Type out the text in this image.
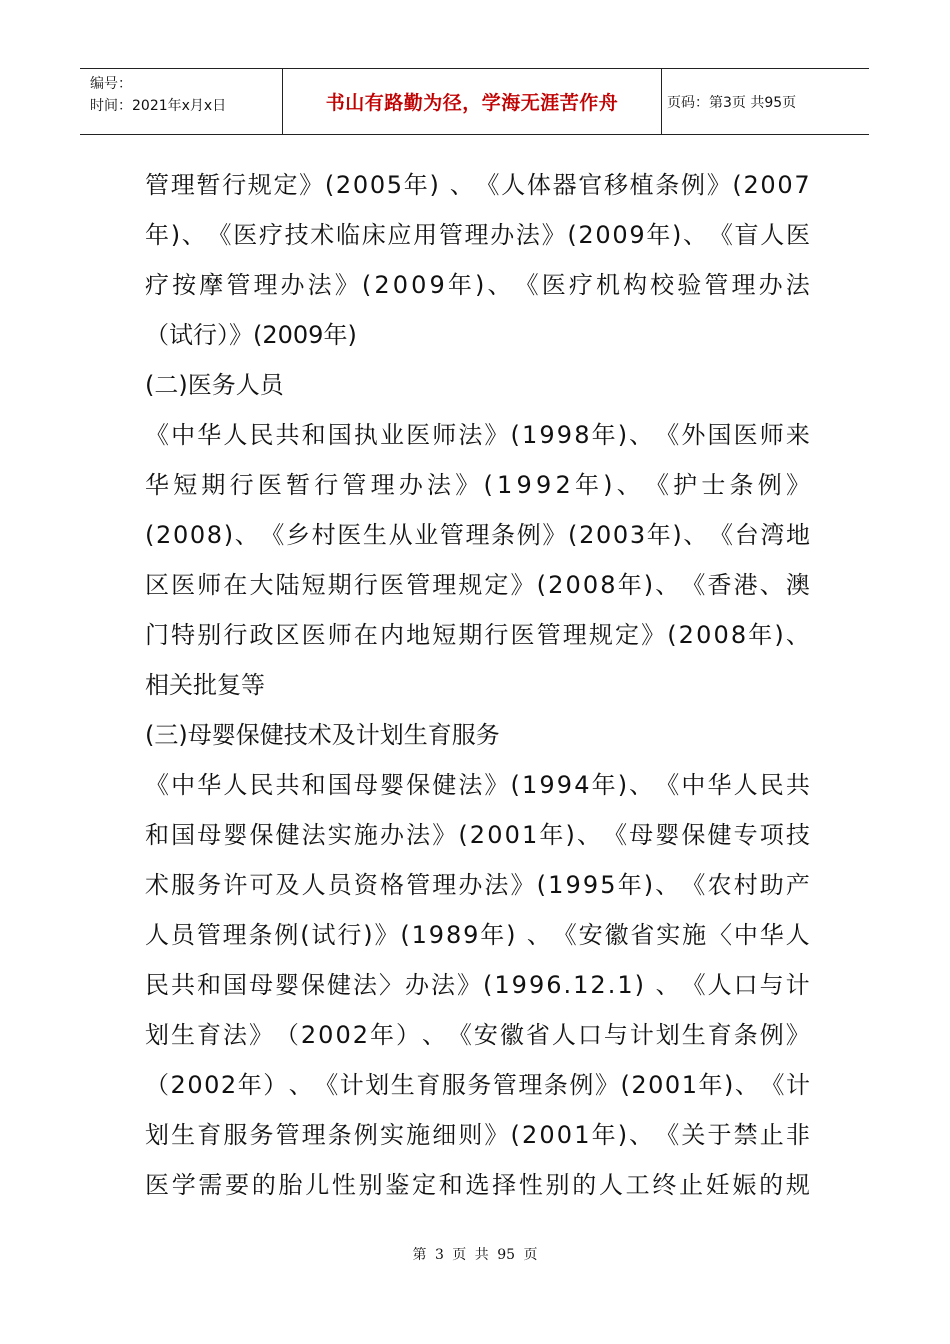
编号：
时间：2021年x月x日	书山有路勤为径，学海无涯苦作舟	页码：第3页 共95页
管 理 暂 行 规 定 》 ( 2 0 0 5 年 )
、 《 人 体 器 官 移 植 条 例 》 ( 2 0 0 7
年 ) 、 《 医 疗 技 术 临 床 应 用 管 理 办 法 》 ( 2 0 0 9 年 ) 、 《 盲 人 医
疗 按 摩 管 理 办 法 》 ( 2 0 0 9 年 ) 、 《 医 疗 机 构 校 验 管 理 办 法
（试行）》(2009年)
(二)医务人员
《 中 华 人 民 共 和 国 执 业 医 师 法 》 ( 1 9 9 8 年 ) 、 《 外 国 医 师 来
华 短 期 行 医 暂 行 管 理 办 法 》 ( 1 9 9 2 年 ) 、 《 护 士 条 例 》
( 2 0 0 8 ) 、 《 乡 村 医 生 从 业 管 理 条 例 》 ( 2 0 0 3 年 ) 、 《 台 湾 地
区 医 师 在 大 陆 短 期 行 医 管 理 规 定 》 ( 2 0 0 8 年 ) 、 《 香 港 、 澳
门 特 别 行 政 区 医 师 在 内 地 短 期 行 医 管 理 规 定 》 ( 2 0 0 8 年 ) 、
相关批复等
(三)母婴保健技术及计划生育服务
《 中 华 人 民 共 和 国 母 婴 保 健 法 》 ( 1 9 9 4 年 ) 、 《 中 华 人 民 共
和 国 母 婴 保 健 法 实 施 办 法 》 ( 2 0 0 1 年 ) 、 《 母 婴 保 健 专 项 技
术 服 务 许 可 及 人 员 资 格 管 理 办 法 》 ( 1 9 9 5 年 ) 、 《 农 村 助 产
人 员 管 理 条 例 ( 试 行 ) 》 ( 1 9 8 9 年 )
、 《 安 徽 省 实 施 〈 中 华 人
民 共 和 国 母 婴 保 健 法 〉 办 法 》 ( 1 9 9 6 . 1 2 . 1 )
、 《 人 口 与 计
划 生 育 法 》 （ 2 0 0 2 年 ） 、 《 安 徽 省 人 口 与 计 划 生 育 条 例 》
（ 2 0 0 2 年 ） 、 《 计 划 生 育 服 务 管 理 条 例 》 ( 2 0 0 1 年 ) 、 《 计
划 生 育 服 务 管 理 条 例 实 施 细 则 》 ( 2 0 0 1 年 ) 、 《 关 于 禁 止 非
医 学 需 要 的 胎 儿 性 别 鉴 定 和 选 择 性 别 的 人 工 终 止 妊 娠 的 规
第 3 页 共 95 页
